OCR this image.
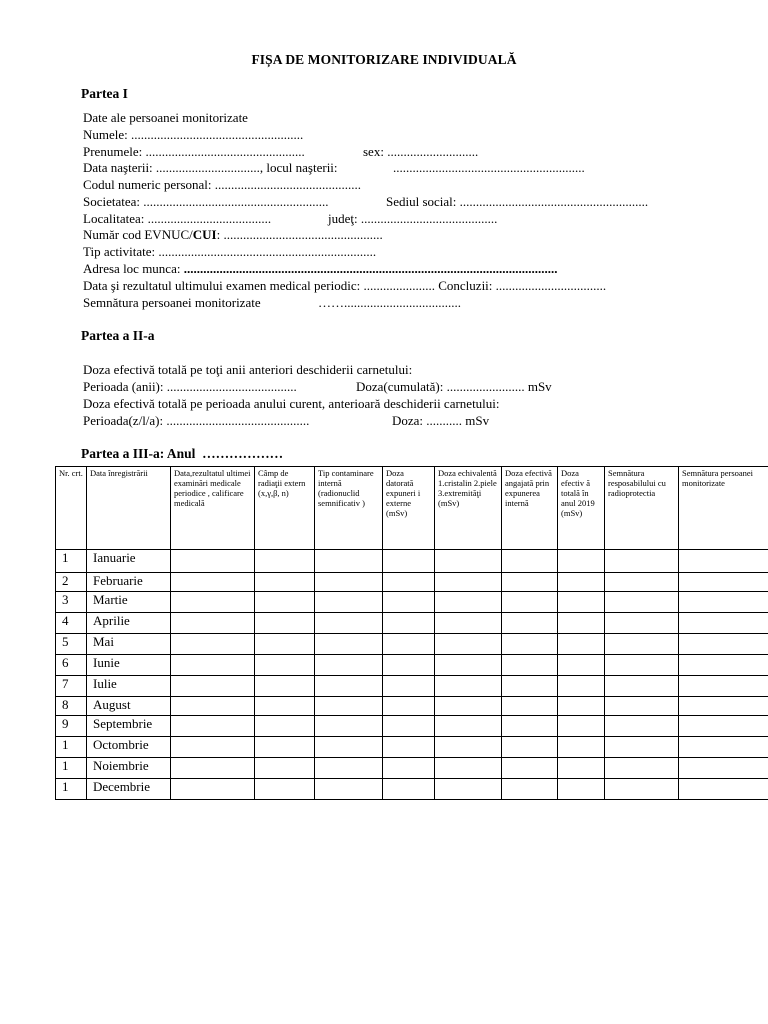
FIȘA DE MONITORIZARE INDIVIDUALĂ
Partea I
Date ale persoanei monitorizate
Numele: .....................................................
Prenumele: .................................................	sex: ............................
Data naşterii: ................................, locul naşterii:	...........................................................
Codul numeric personal: .............................................
Societatea: .........................................................	Sediul social: ..........................................................
Localitatea: ......................................	judeţ: ..........................................
Număr cod EVNUC/CUI: .................................................
Tip activitate: ...................................................................
Adresa loc munca: ...................................................................................................................
Data şi rezultatul ultimului examen medical periodic: ...................... Concluzii: ..................................
Semnătura persoanei monitorizate	……....................................
Partea a II-a
Doza efectivă totală pe toţi anii anteriori deschiderii carnetului:
Perioada (anii): ........................................	Doza(cumulată): ........................ mSv
Doza efectivă totală pe perioada anului curent, anterioară deschiderii carnetului:
Perioada(z/l/a): ............................................	Doza: ........... mSv
Partea a III-a: Anul ………………
Nr. crt.	Data înregistrării	Data,rezultatul ultimei examinări medicale periodice , calificare medicală	Câmp de radiaţii extern (x,γ,β, n)	Tip contaminare internă (radionuclid semnificativ )	Doza datorată expuneri i externe (mSv)	Doza echivalentă 1.cristalin 2.piele 3.extremităţi (mSv)	Doza efectivă angajată prin expunerea internă	Doza efectiv ă totală în anul 2019 (mSv)	Semnătura resposabilului cu radioprotectia	Semnătura persoanei monitorizate
1	Ianuarie									
2	Februarie									
3	Martie									
4	Aprilie									
5	Mai									
6	Iunie									
7	Iulie									
8	August									
9	Septembrie									
1	Octombrie									
1	Noiembrie									
1	Decembrie									
